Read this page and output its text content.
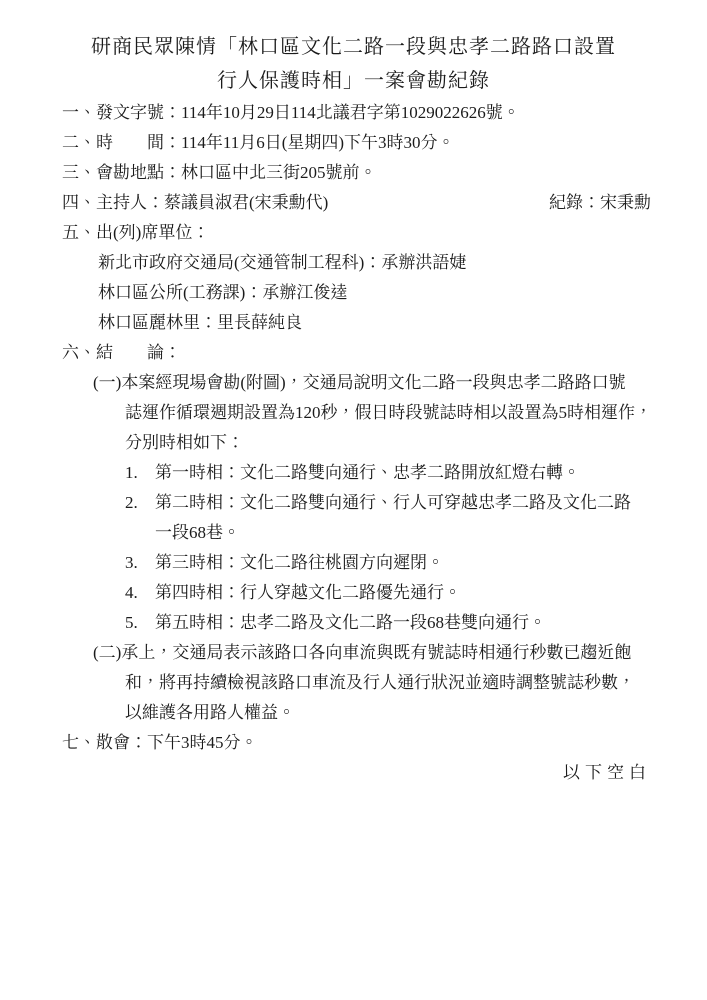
研商民眾陳情「林口區文化二路一段與忠孝二路路口設置
行人保護時相」一案會勘紀錄
一、發文字號：114年10月29日114北議君字第1029022626號。
二、時　　間：114年11月6日(星期四)下午3時30分。
三、會勘地點：林口區中北三街205號前。
四、主持人：蔡議員淑君(宋秉勳代)	紀錄：宋秉勳
五、出(列)席單位：
新北市政府交通局(交通管制工程科)：承辦洪語婕
林口區公所(工務課)：承辦江俊逵
林口區麗林里：里長薛純良
六、結　　論：
(一)本案經現場會勘(附圖)，交通局說明文化二路一段與忠孝二路路口號
誌運作循環週期設置為120秒，假日時段號誌時相以設置為5時相運作，
分別時相如下：
1.	第一時相：文化二路雙向通行、忠孝二路開放紅燈右轉。
2.	第二時相：文化二路雙向通行、行人可穿越忠孝二路及文化二路
一段68巷。
3.	第三時相：文化二路往桃園方向遲閉。
4.	第四時相：行人穿越文化二路優先通行。
5.	第五時相：忠孝二路及文化二路一段68巷雙向通行。
(二)承上，交通局表示該路口各向車流與既有號誌時相通行秒數已趨近飽
和，將再持續檢視該路口車流及行人通行狀況並適時調整號誌秒數，
以維護各用路人權益。
七、散會：下午3時45分。
以下空白
